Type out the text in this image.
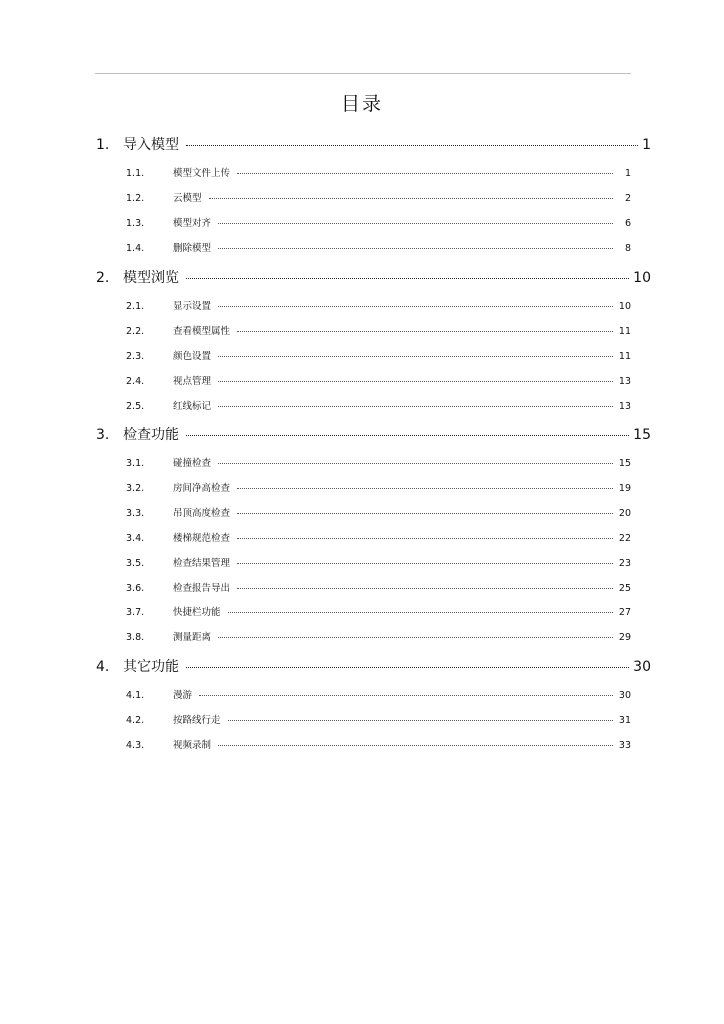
目录
1. 导入模型	1
1.1.	模型文件上传	1
1.2.	云模型	2
1.3.	模型对齐	6
1.4.	删除模型	8
2. 模型浏览	10
2.1.	显示设置	10
2.2.	查看模型属性	11
2.3.	颜色设置	11
2.4.	视点管理	13
2.5.	红线标记	13
3. 检查功能	15
3.1.	碰撞检查	15
3.2.	房间净高检查	19
3.3.	吊顶高度检查	20
3.4.	楼梯规范检查	22
3.5.	检查结果管理	23
3.6.	检查报告导出	25
3.7.	快捷栏功能	27
3.8.	测量距离	29
4. 其它功能	30
4.1.	漫游	30
4.2.	按路线行走	31
4.3.	视频录制	33
